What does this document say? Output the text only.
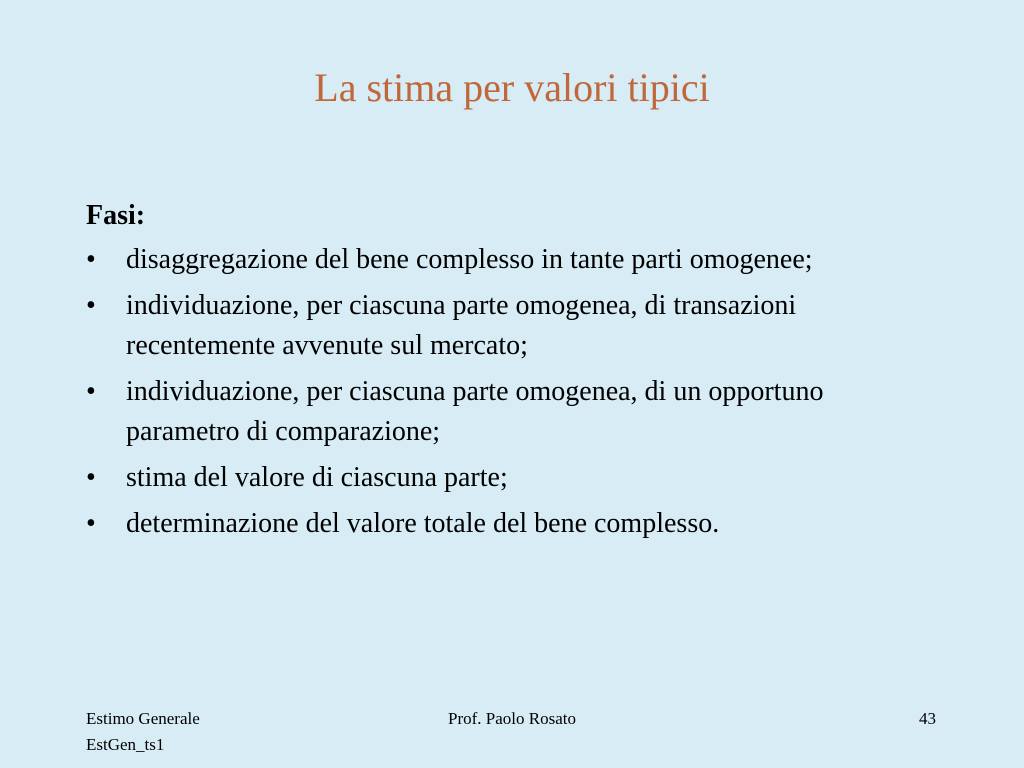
La stima per valori tipici
Fasi:
•	disaggregazione del bene complesso in tante parti omogenee;
•	individuazione, per ciascuna parte omogenea, di transazioni recentemente avvenute sul mercato;
•	individuazione, per ciascuna parte omogenea, di un opportuno parametro di comparazione;
•	stima del valore di ciascuna parte;
•	determinazione del valore totale del bene complesso.
Estimo Generale
EstGen_ts1
Prof. Paolo Rosato	43
